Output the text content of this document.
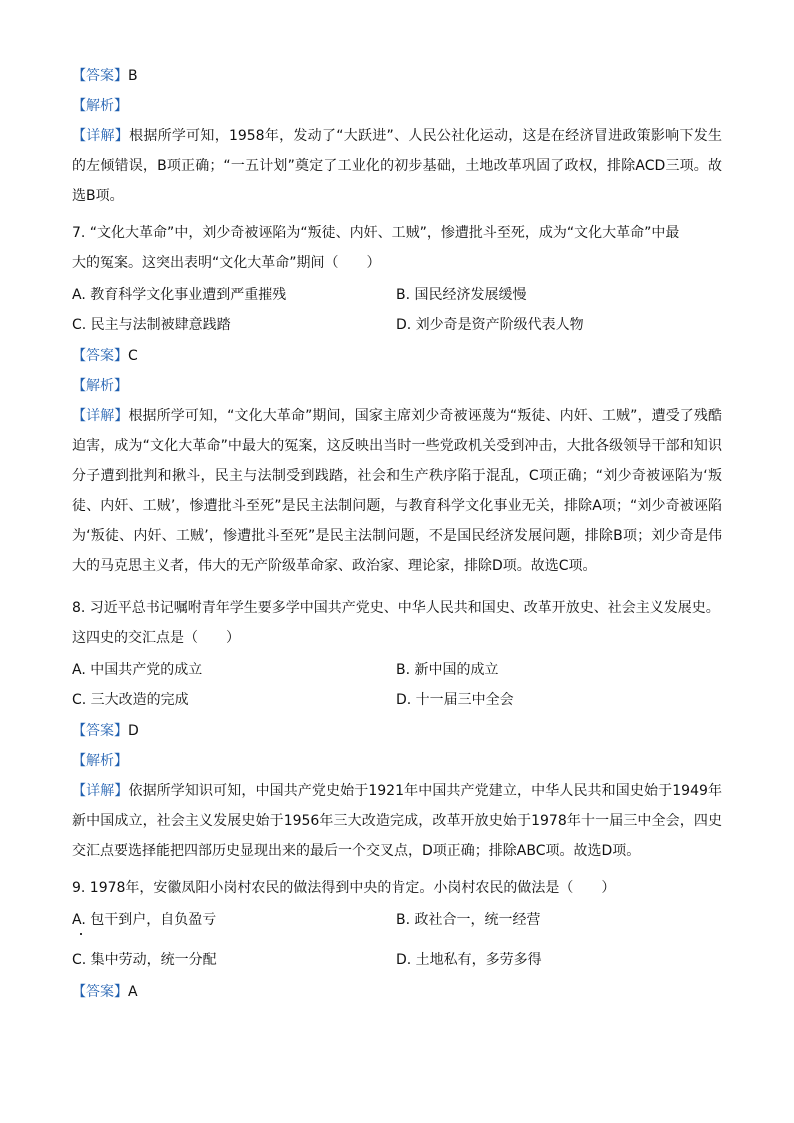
【答案】B
【解析】
【详解】根据所学可知，1958年，发动了“大跃进”、人民公社化运动，这是在经济冒进政策影响下发生的左倾错误，B项正确；“一五计划”奠定了工业化的初步基础，土地改革巩固了政权，排除ACD三项。故选B项。
7. “文化大革命”中，刘少奇被诬陷为“叛徒、内奸、工贼”，惨遭批斗至死，成为“文化大革命”中最
大的冤案。这突出表明“文化大革命”期间（　　）
A. 教育科学文化事业遭到严重摧残	B. 国民经济发展缓慢
C. 民主与法制被肆意践踏	D. 刘少奇是资产阶级代表人物
【答案】C
【解析】
【详解】根据所学可知，“文化大革命”期间，国家主席刘少奇被诬蔑为“叛徒、内奸、工贼”，遭受了残酷迫害，成为“文化大革命”中最大的冤案，这反映出当时一些党政机关受到冲击，大批各级领导干部和知识分子遭到批判和揪斗，民主与法制受到践踏，社会和生产秩序陷于混乱，C项正确；“刘少奇被诬陷为‘叛徒、内奸、工贼’，惨遭批斗至死”是民主法制问题，与教育科学文化事业无关，排除A项；“刘少奇被诬陷为‘叛徒、内奸、工贼’，惨遭批斗至死”是民主法制问题，不是国民经济发展问题，排除B项；刘少奇是伟大的马克思主义者，伟大的无产阶级革命家、政治家、理论家，排除D项。故选C项。
8. 习近平总书记嘱咐青年学生要多学中国共产党史、中华人民共和国史、改革开放史、社会主义发展史。
这四史的交汇点是（　　）
A. 中国共产党的成立	B. 新中国的成立
C. 三大改造的完成	D. 十一届三中全会
【答案】D
【解析】
【详解】依据所学知识可知，中国共产党史始于1921年中国共产党建立，中华人民共和国史始于1949年新中国成立，社会主义发展史始于1956年三大改造完成，改革开放史始于1978年十一届三中全会，四史交汇点要选择能把四部历史显现出来的最后一个交叉点，D项正确；排除ABC项。故选D项。
9. 1978年，安徽凤阳小岗村农民的做法得到中央的肯定。小岗村农民的做法是（　　）
A. 包干到户，自负盈亏	B. 政社合一，统一经营
C. 集中劳动，统一分配	D. 土地私有，多劳多得
【答案】A
